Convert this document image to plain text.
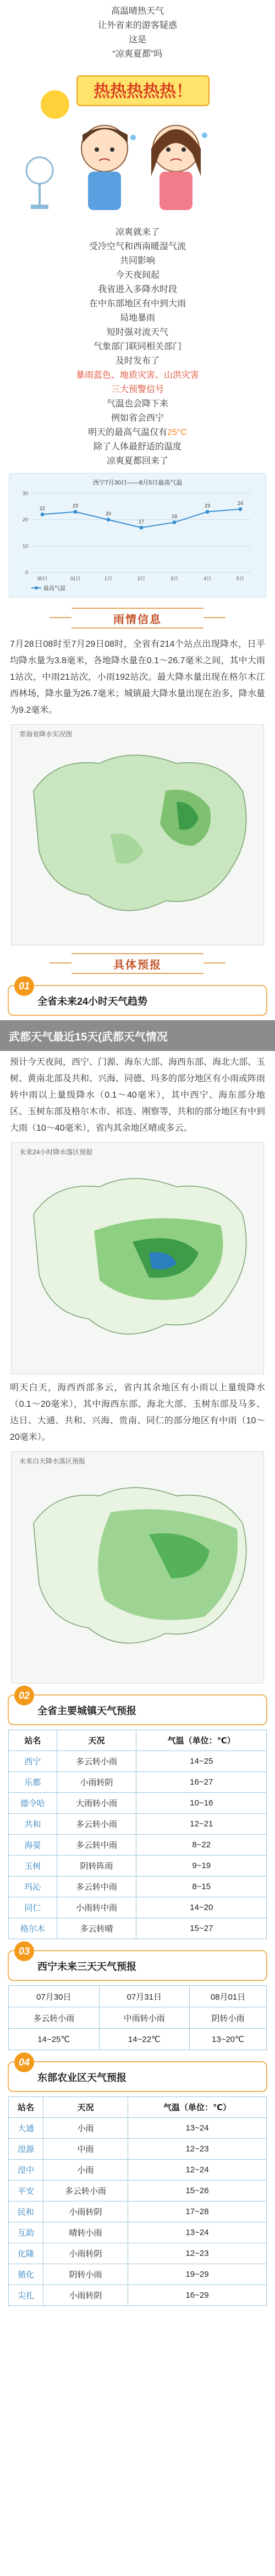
高温晴热天气
让外省来的游客疑惑
这是
“凉爽夏都”吗
热热热热热！
凉爽就来了
受冷空气和西南暖湿气流
共同影响
今天夜间起
我省进入多降水时段
在中东部地区有中到大雨
局地暴雨
短时强对流天气
气象部门联同相关部门
及时发布了
暴雨蓝色、地质灾害、山洪灾害
三大预警信号
气温也会降下来
例如省会西宁
明天的最高气温仅有25°C
除了人体最舒适的温度
凉爽夏都回来了
西宁7月30日——8月5日最高气温
22	23
20
17
19
23	24
30日	31日	1日	2日	3日	4日	5日
0
10
20
30
最高气温
雨情信息

7月28日08时至7月29日08时，全省有214个站点出现降水，日平均降水量为3.8毫米，各地降水量在0.1～26.7毫米之间，其中大雨1站次，中雨21站次，小雨192站次。最大降水量出现在格尔木江西林场，降水量为26.7毫米；城镇最大降水量出现在治多，降水量为9.2毫米。

青海省降水实况图
具体预报
01
全省未来24小时天气趋势
武都天气最近15天(武都天气情况

预计今天夜间，西宁、门源、海东大部、海西东部、海北大部、玉树、黄南北部及共和、兴海、同德、玛多的部分地区有小雨或阵雨转中雨以上量级降水（0.1～40毫米），其中西宁、海东部分地区、玉树东部及格尔木市、祁连、刚察等，共和的部分地区有中到大雨（10～40毫米），省内其余地区晴或多云。

未来24小时降水落区预报

明天白天，海西西部多云，省内其余地区有小雨以上量级降水（0.1～20毫米），其中海西东部、海北大部、玉树东部及马多、达日、大通、共和、兴海、贵南、同仁的部分地区有中雨（10～20毫米）。

未来白天降水落区预报
02
全省主要城镇天气预报
站名	天况	气温（单位：℃）
西宁	多云转小雨	14~25
乐都	小雨转阴	16~27
德令哈	大雨转小雨	10~16
共和	多云转小雨	12~21
海晏	多云转中雨	8~22
玉树	阴转阵雨	9~19
玛沁	多云转中雨	8~15
同仁	小雨转中雨	14~20
格尔木	多云转晴	15~27
03
西宁未来三天天气预报
07月30日	07月31日	08月01日
多云转小雨	中雨转小雨	阴转小雨
14~25℃	14~22℃	13~20℃
04
东部农业区天气预报
站名	天况	气温（单位：℃）
大通	小雨	13~24
湟源	中雨	12~23
湟中	小雨	12~24
平安	多云转小雨	15~26
民和	小雨转阴	17~28
互助	晴转小雨	13~24
化隆	小雨转阴	12~23
循化	阴转小雨	19~29
尖扎	小雨转阴	16~29
